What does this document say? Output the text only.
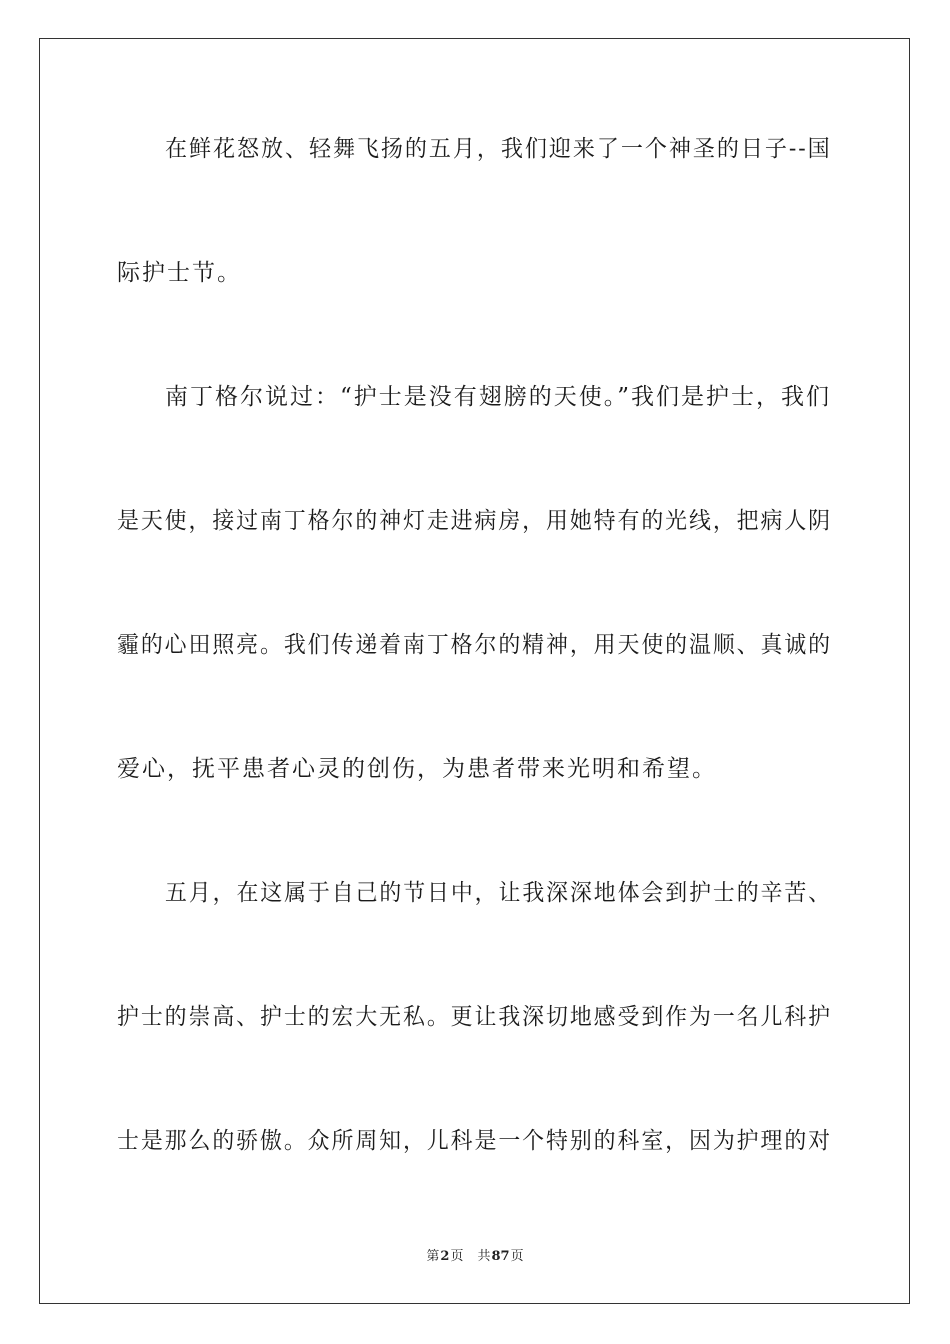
在鲜花怒放、轻舞飞扬的五月，我们迎来了一个神圣的日子--国
际护士节。
南丁格尔说过：“护士是没有翅膀的天使。”我们是护士，我们
是天使，接过南丁格尔的神灯走进病房，用她特有的光线，把病人阴
霾的心田照亮。我们传递着南丁格尔的精神，用天使的温顺、真诚的
爱心，抚平患者心灵的创伤，为患者带来光明和希望。
五月，在这属于自己的节日中，让我深深地体会到护士的辛苦、
护士的崇高、护士的宏大无私。更让我深切地感受到作为一名儿科护
士是那么的骄傲。众所周知，儿科是一个特别的科室，因为护理的对
第2页 共87页
